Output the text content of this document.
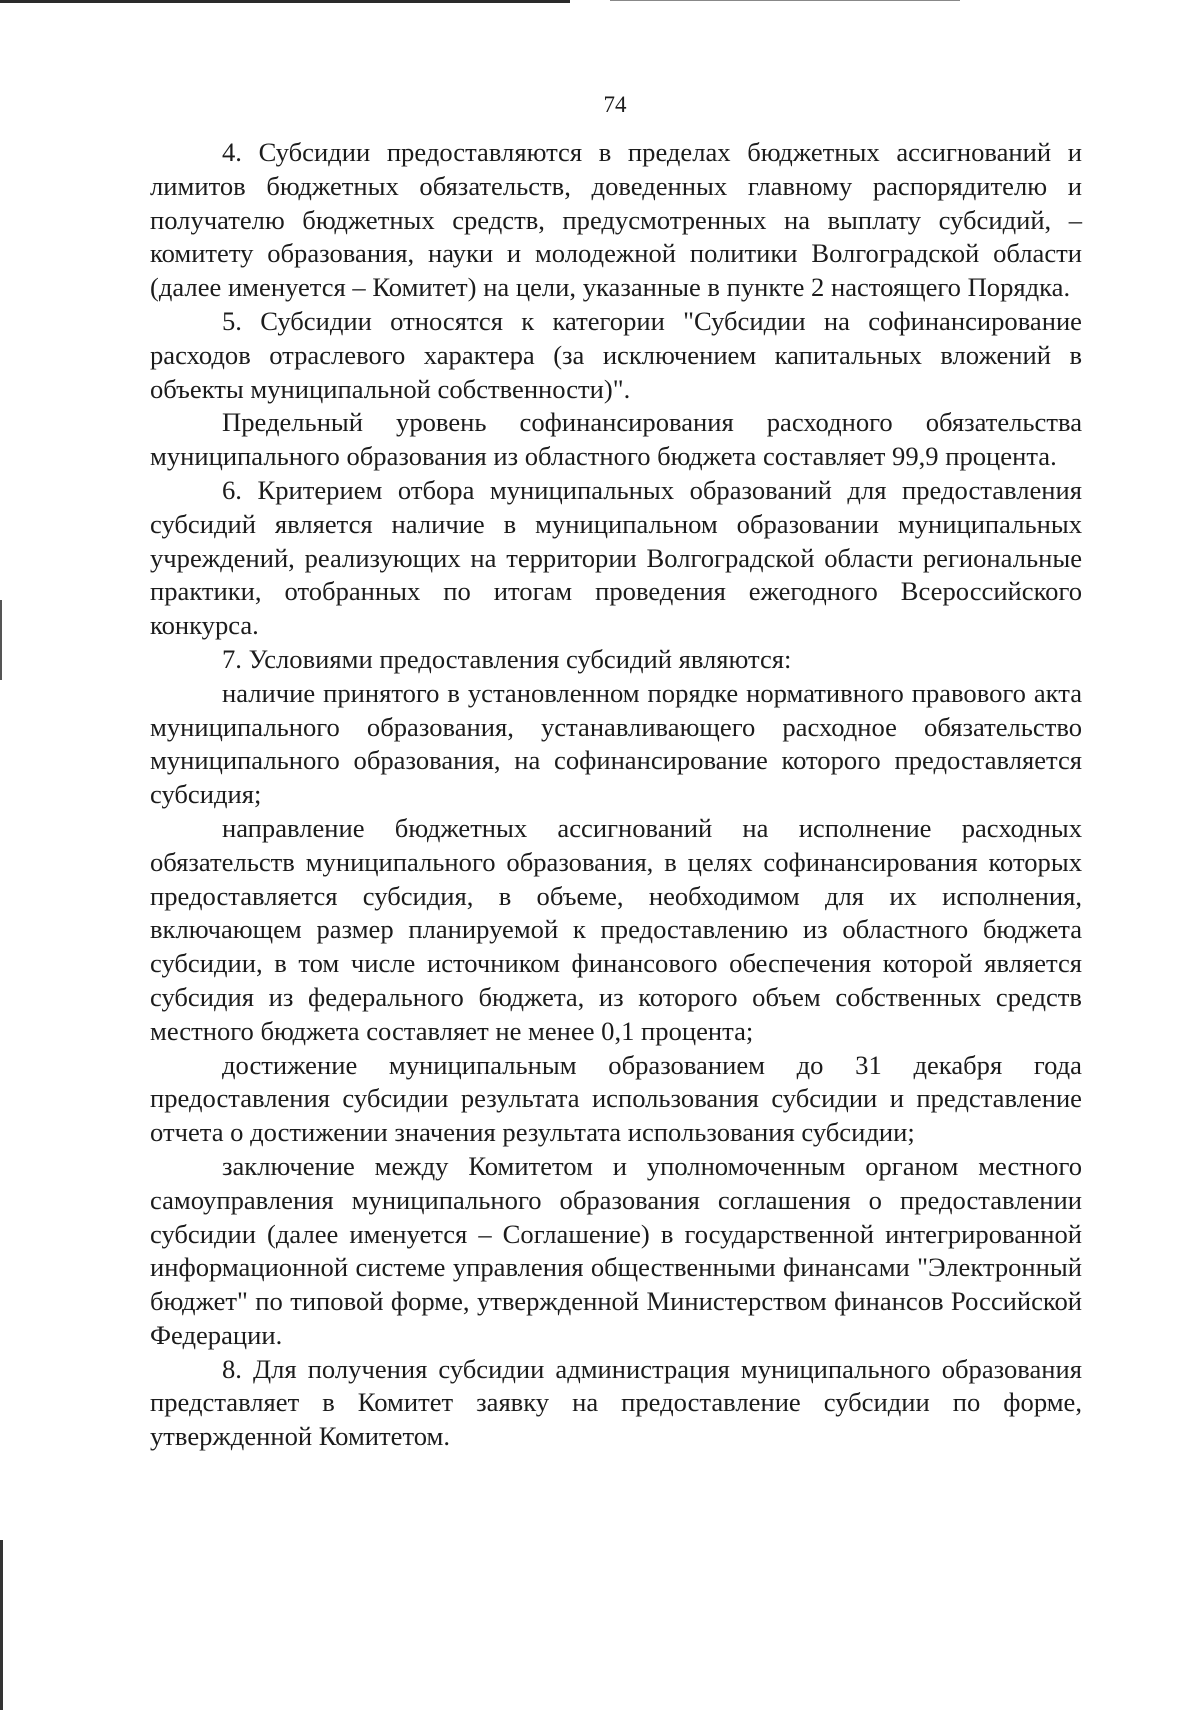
74

4. Субсидии предоставляются в пределах бюджетных ассигнований и лимитов бюджетных обязательств, доведенных главному распорядителю и получателю бюджетных средств, предусмотренных на выплату субсидий, – комитету образования, науки и молодежной политики Волгоградской области (далее именуется – Комитет) на цели, указанные в пункте 2 настоящего Порядка.

5. Субсидии относятся к категории "Субсидии на софинансирование расходов отраслевого характера (за исключением капитальных вложений в объекты муниципальной собственности)".

Предельный уровень софинансирования расходного обязательства муниципального образования из областного бюджета составляет 99,9 процента.

6. Критерием отбора муниципальных образований для предоставления субсидий является наличие в муниципальном образовании муниципальных учреждений, реализующих на территории Волгоградской области региональные практики, отобранных по итогам проведения ежегодного Всероссийского конкурса.

7. Условиями предоставления субсидий являются:

наличие принятого в установленном порядке нормативного правового акта муниципального образования, устанавливающего расходное обязательство муниципального образования, на софинансирование которого предоставляется субсидия;

направление бюджетных ассигнований на исполнение расходных обязательств муниципального образования, в целях софинансирования которых предоставляется субсидия, в объеме, необходимом для их исполнения, включающем размер планируемой к предоставлению из областного бюджета субсидии, в том числе источником финансового обеспечения которой является субсидия из федерального бюджета, из которого объем собственных средств местного бюджета составляет не менее 0,1 процента;

достижение муниципальным образованием до 31 декабря года предоставления субсидии результата использования субсидии и представление отчета о достижении значения результата использования субсидии;

заключение между Комитетом и уполномоченным органом местного самоуправления муниципального образования соглашения о предоставлении субсидии (далее именуется – Соглашение) в государственной интегрированной информационной системе управления общественными финансами "Электронный бюджет" по типовой форме, утвержденной Министерством финансов Российской Федерации.

8. Для получения субсидии администрация муниципального образования представляет в Комитет заявку на предоставление субсидии по форме, утвержденной Комитетом.
